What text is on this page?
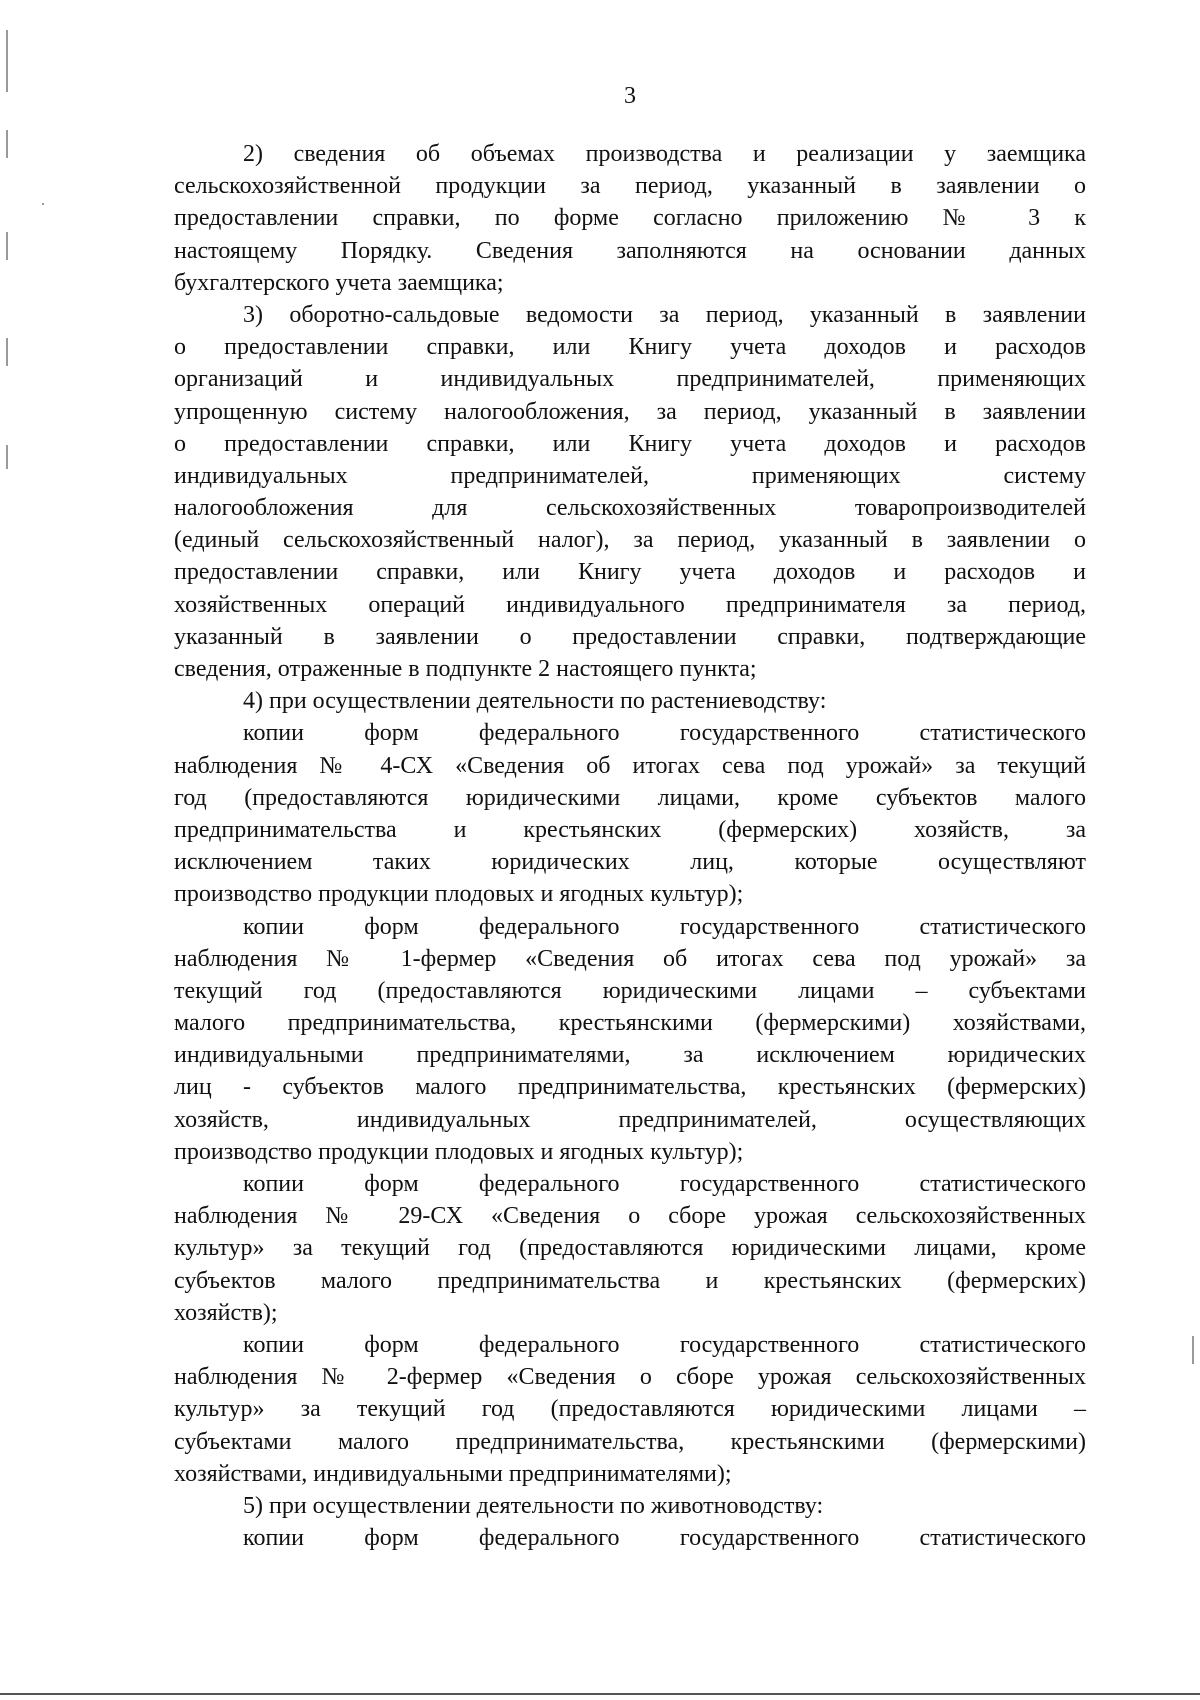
3
2) сведения об объемах производства и реализации у заемщика
сельскохозяйственной продукции за период, указанный в заявлении о
предоставлении справки, по форме согласно приложению № 3 к
настоящему Порядку. Сведения заполняются на основании данных
бухгалтерского учета заемщика;
3) оборотно-сальдовые ведомости за период, указанный в заявлении
о предоставлении справки, или Книгу учета доходов и расходов
организаций и индивидуальных предпринимателей, применяющих
упрощенную систему налогообложения, за период, указанный в заявлении
о предоставлении справки, или Книгу учета доходов и расходов
индивидуальных предпринимателей, применяющих систему
налогообложения для сельскохозяйственных товаропроизводителей
(единый сельскохозяйственный налог), за период, указанный в заявлении о
предоставлении справки, или Книгу учета доходов и расходов и
хозяйственных операций индивидуального предпринимателя за период,
указанный в заявлении о предоставлении справки, подтверждающие
сведения, отраженные в подпункте 2 настоящего пункта;
4) при осуществлении деятельности по растениеводству:
копии форм федерального государственного статистического
наблюдения № 4-СХ «Сведения об итогах сева под урожай» за текущий
год (предоставляются юридическими лицами, кроме субъектов малого
предпринимательства и крестьянских (фермерских) хозяйств, за
исключением таких юридических лиц, которые осуществляют
производство продукции плодовых и ягодных культур);
копии форм федерального государственного статистического
наблюдения № 1-фермер «Сведения об итогах сева под урожай» за
текущий год (предоставляются юридическими лицами – субъектами
малого предпринимательства, крестьянскими (фермерскими) хозяйствами,
индивидуальными предпринимателями, за исключением юридических
лиц - субъектов малого предпринимательства, крестьянских (фермерских)
хозяйств, индивидуальных предпринимателей, осуществляющих
производство продукции плодовых и ягодных культур);
копии форм федерального государственного статистического
наблюдения № 29-СХ «Сведения о сборе урожая сельскохозяйственных
культур» за текущий год (предоставляются юридическими лицами, кроме
субъектов малого предпринимательства и крестьянских (фермерских)
хозяйств);
копии форм федерального государственного статистического
наблюдения № 2-фермер «Сведения о сборе урожая сельскохозяйственных
культур» за текущий год (предоставляются юридическими лицами –
субъектами малого предпринимательства, крестьянскими (фермерскими)
хозяйствами, индивидуальными предпринимателями);
5) при осуществлении деятельности по животноводству:
копии форм федерального государственного статистического
